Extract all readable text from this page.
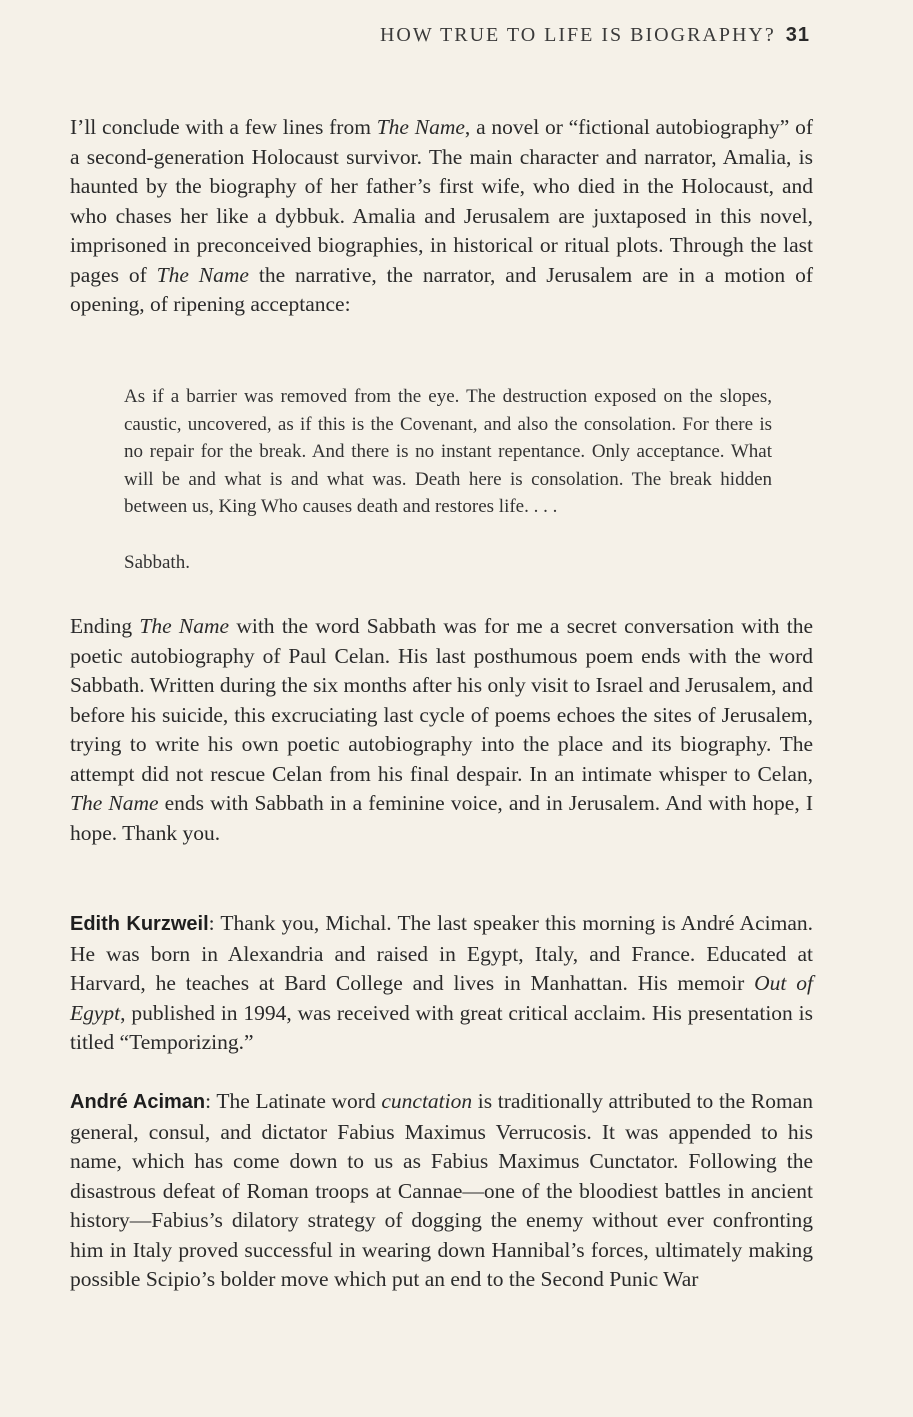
HOW TRUE TO LIFE IS BIOGRAPHY? 31

I’ll conclude with a few lines from The Name, a novel or “fictional autobiography” of a second-generation Holocaust survivor. The main character and narrator, Amalia, is haunted by the biography of her father’s first wife, who died in the Holocaust, and who chases her like a dybbuk. Amalia and Jerusalem are juxtaposed in this novel, imprisoned in preconceived biographies, in historical or ritual plots. Through the last pages of The Name the narrative, the narrator, and Jerusalem are in a motion of opening, of ripening acceptance:

As if a barrier was removed from the eye. The destruction exposed on the slopes, caustic, uncovered, as if this is the Covenant, and also the consolation. For there is no repair for the break. And there is no instant repentance. Only acceptance. What will be and what is and what was. Death here is consolation. The break hidden between us, King Who causes death and restores life. . . .

Sabbath.

Ending The Name with the word Sabbath was for me a secret conversation with the poetic autobiography of Paul Celan. His last posthumous poem ends with the word Sabbath. Written during the six months after his only visit to Israel and Jerusalem, and before his suicide, this excruciating last cycle of poems echoes the sites of Jerusalem, trying to write his own poetic autobiography into the place and its biography. The attempt did not rescue Celan from his final despair. In an intimate whisper to Celan, The Name ends with Sabbath in a feminine voice, and in Jerusalem. And with hope, I hope. Thank you.

Edith Kurzweil: Thank you, Michal. The last speaker this morning is André Aciman. He was born in Alexandria and raised in Egypt, Italy, and France. Educated at Harvard, he teaches at Bard College and lives in Manhattan. His memoir Out of Egypt, published in 1994, was received with great critical acclaim. His presentation is titled “Temporizing.”

André Aciman: The Latinate word cunctation is traditionally attributed to the Roman general, consul, and dictator Fabius Maximus Verrucosis. It was appended to his name, which has come down to us as Fabius Maximus Cunctator. Following the disastrous defeat of Roman troops at Cannae—one of the bloodiest battles in ancient history—Fabius’s dilatory strategy of dogging the enemy without ever confronting him in Italy proved successful in wearing down Hannibal’s forces, ultimately making possible Scipio’s bolder move which put an end to the Second Punic War
